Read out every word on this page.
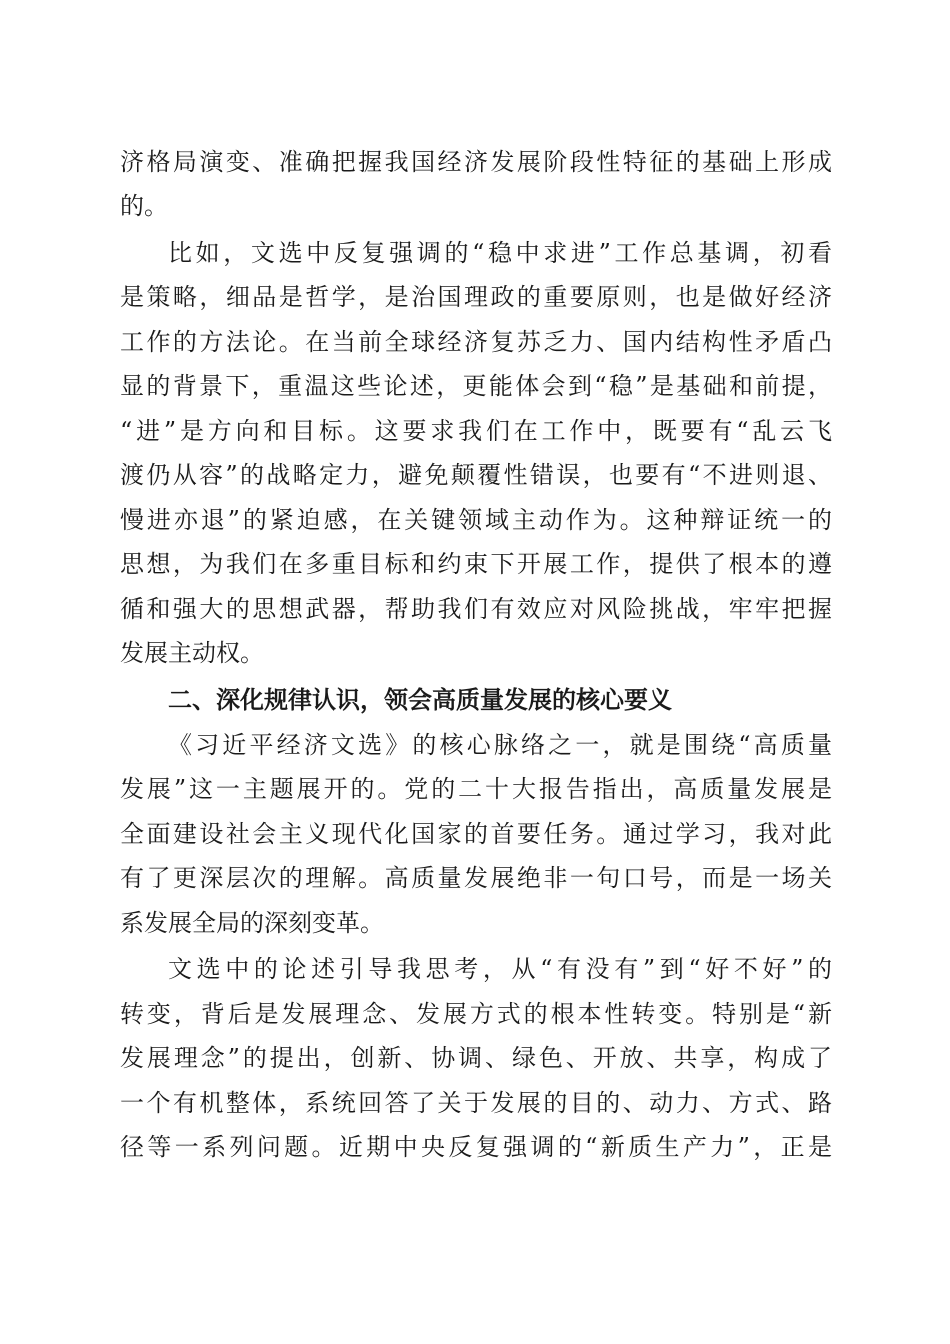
济格局演变、准确把握我国经济发展阶段性特征的基础上形成
的。
比如，文选中反复强调的“稳中求进”工作总基调，初看
是策略，细品是哲学，是治国理政的重要原则，也是做好经济
工作的方法论。在当前全球经济复苏乏力、国内结构性矛盾凸
显的背景下，重温这些论述，更能体会到“稳”是基础和前提，
“进”是方向和目标。这要求我们在工作中，既要有“乱云飞
渡仍从容”的战略定力，避免颠覆性错误，也要有“不进则退、
慢进亦退”的紧迫感，在关键领域主动作为。这种辩证统一的
思想，为我们在多重目标和约束下开展工作，提供了根本的遵
循和强大的思想武器，帮助我们有效应对风险挑战，牢牢把握
发展主动权。
二、深化规律认识，领会高质量发展的核心要义
《习近平经济文选》的核心脉络之一，就是围绕“高质量
发展”这一主题展开的。党的二十大报告指出，高质量发展是
全面建设社会主义现代化国家的首要任务。通过学习，我对此
有了更深层次的理解。高质量发展绝非一句口号，而是一场关
系发展全局的深刻变革。
文选中的论述引导我思考，从“有没有”到“好不好”的
转变，背后是发展理念、发展方式的根本性转变。特别是“新
发展理念”的提出，创新、协调、绿色、开放、共享，构成了
一个有机整体，系统回答了关于发展的目的、动力、方式、路
径等一系列问题。近期中央反复强调的“新质生产力”，正是
